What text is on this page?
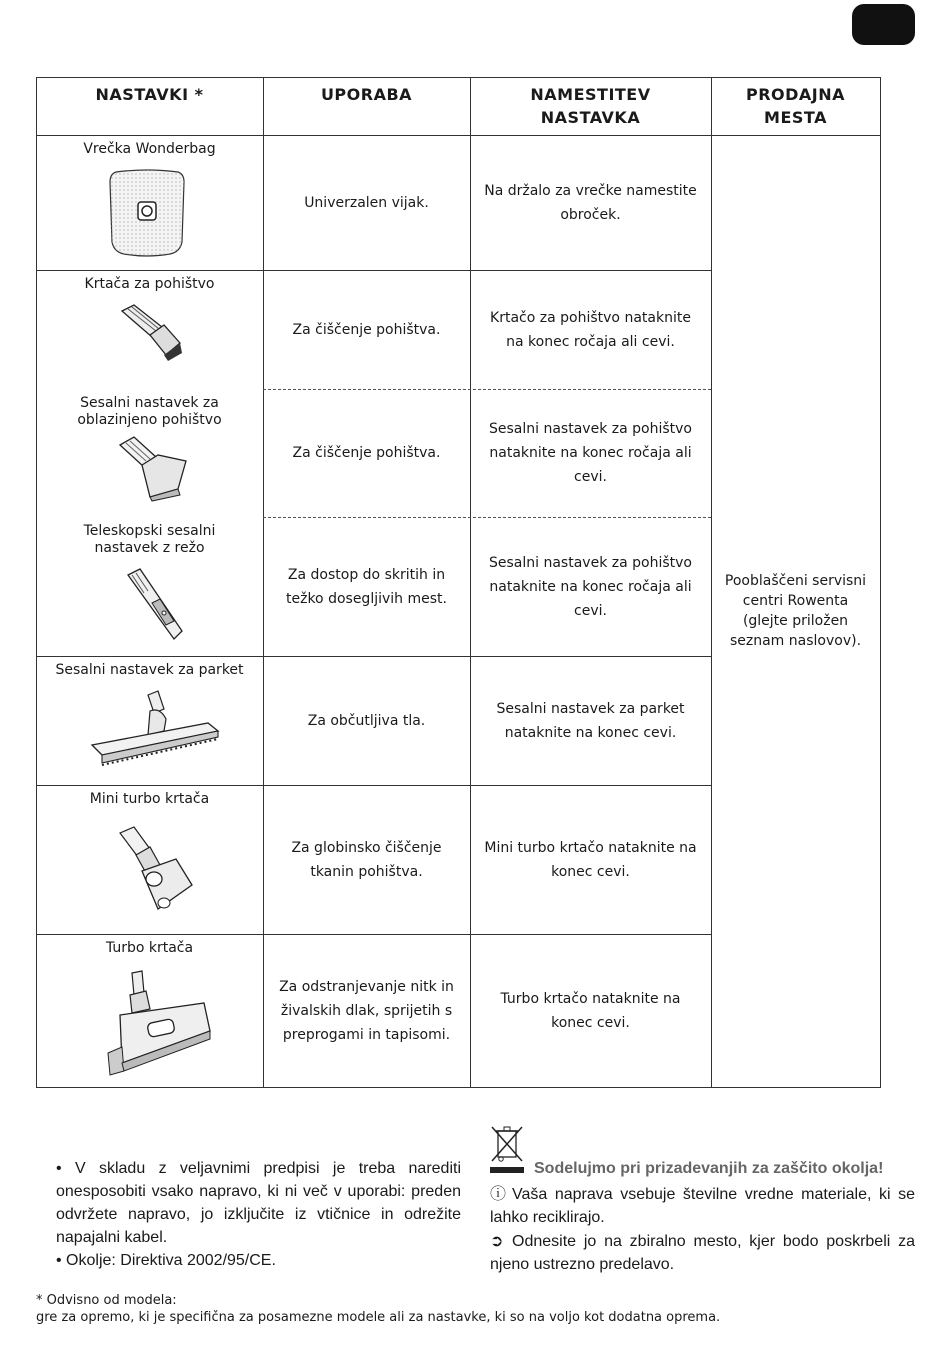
NASTAVKI *	UPORABA	NAMESTITEV
NASTAVKA
PRODAJNA
MESTA
Vrečka Wonderbag
Univerzalen vijak.
Na držalo za vrečke namestite obroček.
Krtača za pohištvo
Za čiščenje pohištva.
Krtačo za pohištvo nataknite na konec ročaja ali cevi.
Sesalni nastavek za oblazinjeno pohištvo
Za čiščenje pohištva.
Sesalni nastavek za pohištvo nataknite na konec ročaja ali cevi.
Teleskopski sesalni nastavek z režo
Za dostop do skritih in težko dosegljivih mest.
Sesalni nastavek za pohištvo nataknite na konec ročaja ali cevi.
Sesalni nastavek za parket
Za občutljiva tla.
Sesalni nastavek za parket nataknite na konec cevi.
Mini turbo krtača
Za globinsko čiščenje tkanin pohištva.
Mini turbo krtačo nataknite na konec cevi.
Turbo krtača
Za odstranjevanje nitk in živalskih dlak, sprijetih s preprogami in tapisomi.
Turbo krtačo nataknite na konec cevi.
Pooblaščeni servisni centri Rowenta (glejte priložen seznam naslovov).

• V skladu z veljavnimi predpisi je treba narediti onesposobiti vsako napravo, ki ni več v uporabi: preden odvržete napravo, jo izključite iz vtičnice in odrežite napajalni kabel.

• Okolje: Direktiva 2002/95/CE.

Sodelujmo pri prizadevanjih za zaščito okolja!
ⓘ Vaša naprava vsebuje številne vredne materiale, ki se lahko reciklirajo.
➲ Odnesite jo na zbiralno mesto, kjer bodo poskrbeli za njeno ustrezno predelavo.
* Odvisno od modela:
gre za opremo, ki je specifična za posamezne modele ali za nastavke, ki so na voljo kot dodatna oprema.
